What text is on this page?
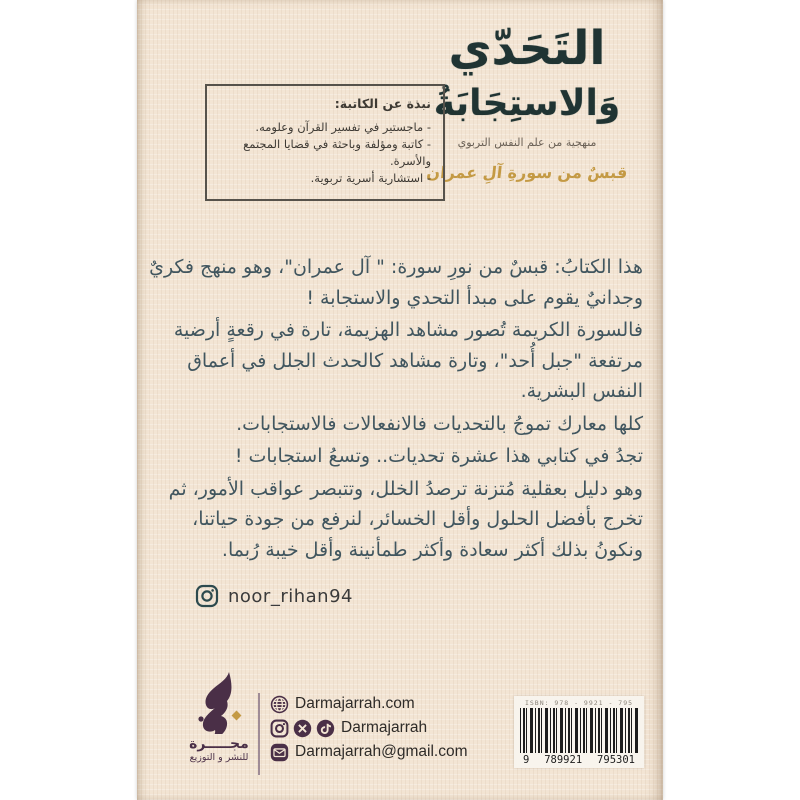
التَحَدّي
وَالاستِجَابَةُ
منهجية من علم النفس التربوي
قبسٌ من سورةِ آلِ عمران
نبذة عن الكاتبة:
- ماجستير في تفسير القرآن وعلومه.
- كاتبة ومؤلفة وباحثة في قضايا المجتمع والأسرة.
- استشارية أسرية تربوية.

هذا الكتابُ: قبسٌ من نورِ سورة: " آل عمران"، وهو منهج فكريٌ وجدانيٌ يقوم على مبدأ التحدي والاستجابة !

فالسورة الكريمة تُصور مشاهد الهزيمة، تارة في رقعةٍ أرضية مرتفعة "جبل أُحد"، وتارة مشاهد كالحدث الجلل في أعماق النفس البشرية.

كلها معارك تموجُ بالتحديات فالانفعالات فالاستجابات.

تجدُ في كتابي هذا عشرة تحديات.. وتسعُ استجابات !

وهو دليل بعقلية مُتزنة ترصدُ الخلل، وتتبصر عواقب الأمور، ثم تخرج بأفضل الحلول وأقل الخسائر، لنرفع من جودة حياتنا، ونكونُ بذلك أكثر سعادة وأكثر طمأنينة وأقل خيبة رُبما.

noor_rihan94
مجـــــرة
للنشر و التوزيع
Darmajarrah.com
Darmajarrah
Darmajarrah@gmail.com
ISBN: 978 - 9921 - 795
9 789921 795301
